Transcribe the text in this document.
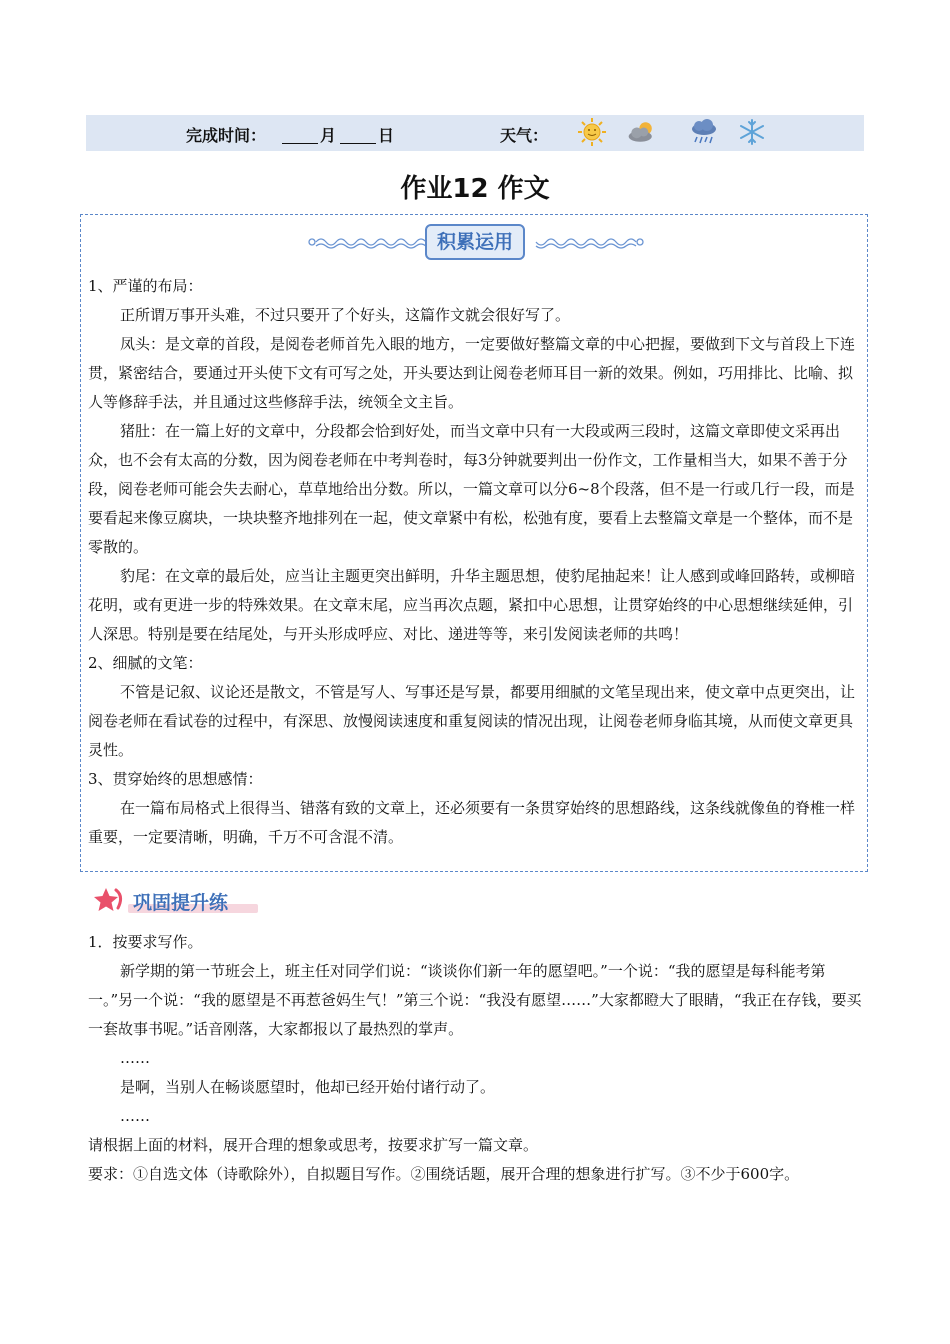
完成时间：	月	日	天气：
作业12 作文
积累运用

1、严谨的布局：

正所谓万事开头难，不过只要开了个好头，这篇作文就会很好写了。

凤头：是文章的首段，是阅卷老师首先入眼的地方，一定要做好整篇文章的中心把握，要做到下文与首段上下连贯，紧密结合，要通过开头使下文有可写之处，开头要达到让阅卷老师耳目一新的效果。例如，巧用排比、比喻、拟人等修辞手法，并且通过这些修辞手法，统领全文主旨。

猪肚：在一篇上好的文章中，分段都会恰到好处，而当文章中只有一大段或两三段时，这篇文章即使文采再出众，也不会有太高的分数，因为阅卷老师在中考判卷时，每3分钟就要判出一份作文，工作量相当大，如果不善于分段，阅卷老师可能会失去耐心，草草地给出分数。所以，一篇文章可以分6~8个段落，但不是一行或几行一段，而是要看起来像豆腐块，一块块整齐地排列在一起，使文章紧中有松，松弛有度，要看上去整篇文章是一个整体，而不是零散的。

豹尾：在文章的最后处，应当让主题更突出鲜明，升华主题思想，使豹尾抽起来！让人感到或峰回路转，或柳暗花明，或有更进一步的特殊效果。在文章末尾，应当再次点题，紧扣中心思想，让贯穿始终的中心思想继续延伸，引人深思。特别是要在结尾处，与开头形成呼应、对比、递进等等，来引发阅读老师的共鸣！

2、细腻的文笔：

不管是记叙、议论还是散文，不管是写人、写事还是写景，都要用细腻的文笔呈现出来，使文章中点更突出，让阅卷老师在看试卷的过程中，有深思、放慢阅读速度和重复阅读的情况出现，让阅卷老师身临其境，从而使文章更具灵性。

3、贯穿始终的思想感情：

在一篇布局格式上很得当、错落有致的文章上，还必须要有一条贯穿始终的思想路线，这条线就像鱼的脊椎一样重要，一定要清晰，明确，千万不可含混不清。

巩固提升练

1．按要求写作。

新学期的第一节班会上，班主任对同学们说：“谈谈你们新一年的愿望吧。”一个说：“我的愿望是每科能考第一。”另一个说：“我的愿望是不再惹爸妈生气！”第三个说：“我没有愿望……”大家都瞪大了眼睛，“我正在存钱，要买一套故事书呢。”话音刚落，大家都报以了最热烈的掌声。

……

是啊，当别人在畅谈愿望时，他却已经开始付诸行动了。

……

请根据上面的材料，展开合理的想象或思考，按要求扩写一篇文章。

要求：①自选文体（诗歌除外），自拟题目写作。②围绕话题，展开合理的想象进行扩写。③不少于600字。
